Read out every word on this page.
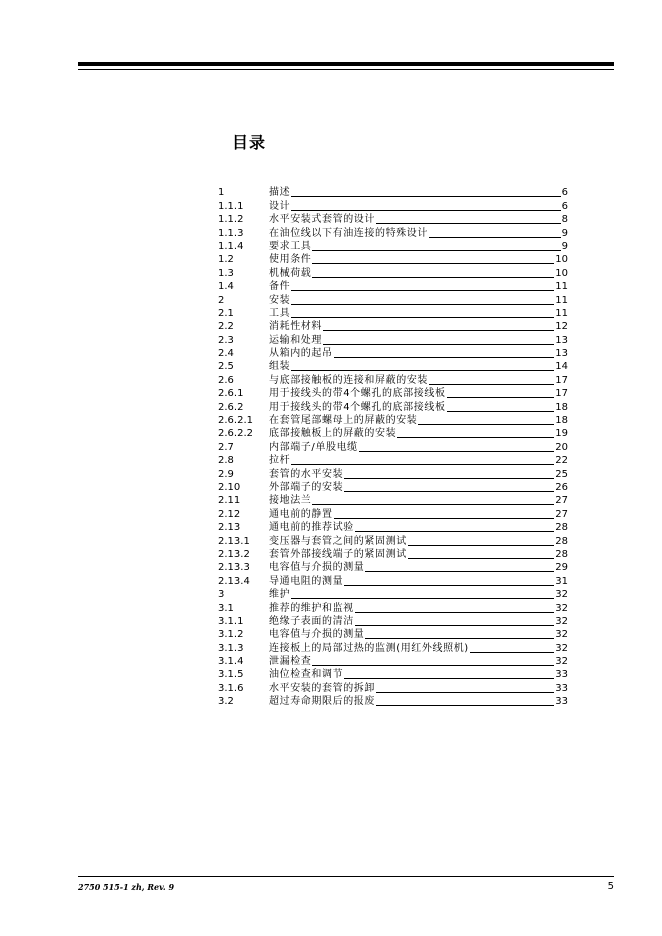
目录
1	描述	6
1.1.1	设计	6
1.1.2	水平安装式套管的设计	8
1.1.3	在油位线以下有油连接的特殊设计	9
1.1.4	要求工具	9
1.2	使用条件	10
1.3	机械荷载	10
1.4	备件	11
2	安装	11
2.1	工具	11
2.2	消耗性材料	12
2.3	运输和处理	13
2.4	从箱内的起吊	13
2.5	组装	14
2.6	与底部接触板的连接和屏蔽的安装	17
2.6.1	用于接线头的带4个螺孔的底部接线板	17
2.6.2	用于接线头的带4个螺孔的底部接线板	18
2.6.2.1	在套管尾部螺母上的屏蔽的安装	18
2.6.2.2	底部接触板上的屏蔽的安装	19
2.7	内部端子/单股电缆	20
2.8	拉杆	22
2.9	套管的水平安装	25
2.10	外部端子的安装	26
2.11	接地法兰	27
2.12	通电前的静置	27
2.13	通电前的推荐试验	28
2.13.1	变压器与套管之间的紧固测试	28
2.13.2	套管外部接线端子的紧固测试	28
2.13.3	电容值与介损的测量	29
2.13.4	导通电阻的测量	31
3	维护	32
3.1	推荐的维护和监视	32
3.1.1	绝缘子表面的清洁	32
3.1.2	电容值与介损的测量	32
3.1.3	连接板上的局部过热的监测(用红外线照机)	32
3.1.4	泄漏检查	32
3.1.5	油位检查和调节	33
3.1.6	水平安装的套管的拆卸	33
3.2	超过寿命期限后的报废	33
2750 515-1 zh, Rev. 9	5
